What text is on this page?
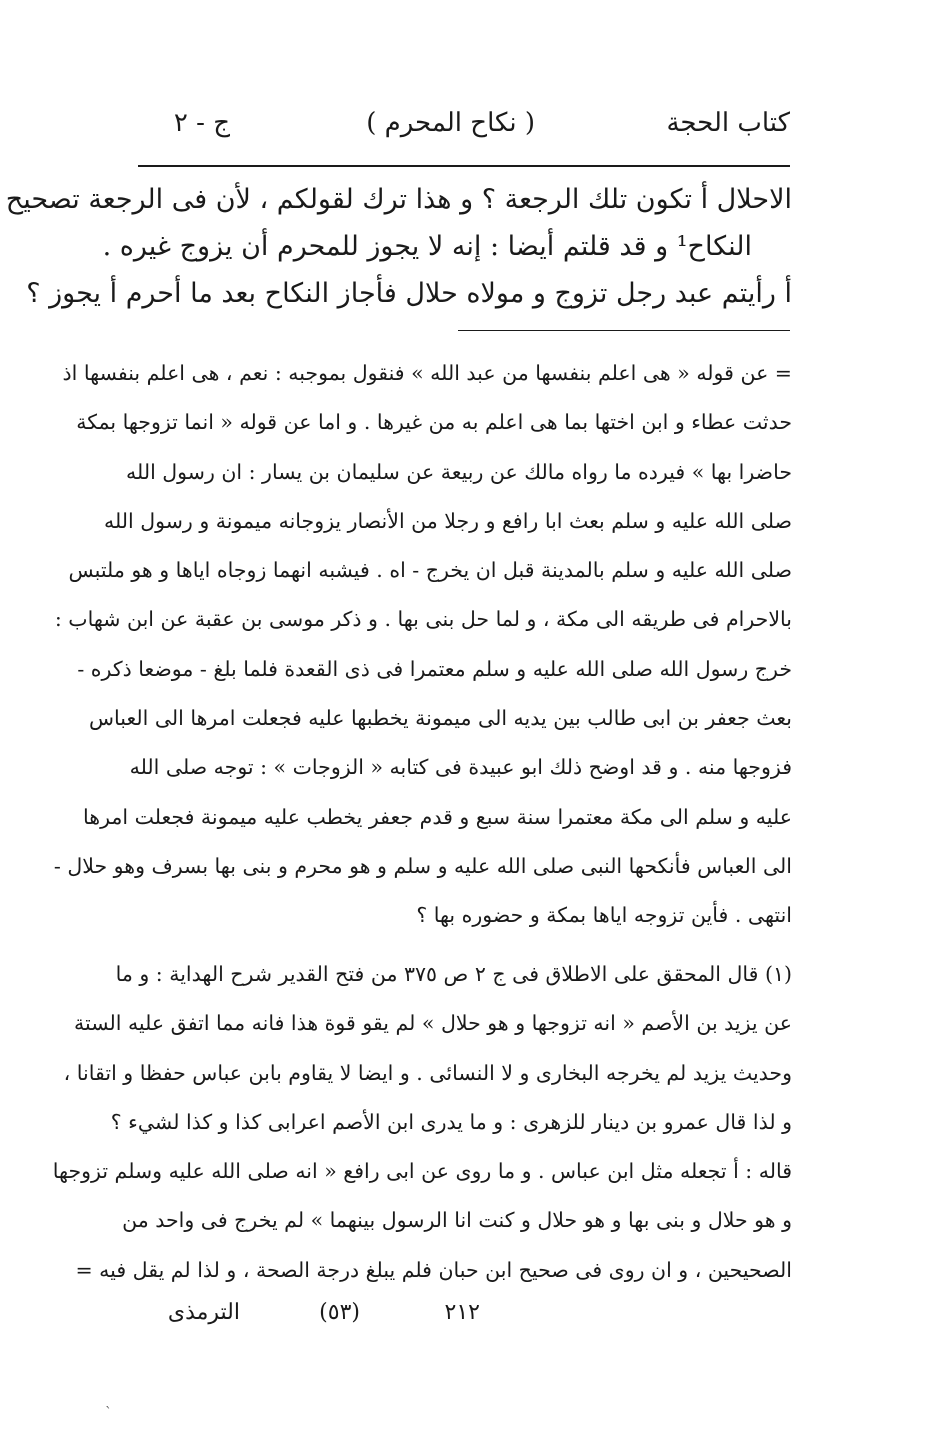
كتاب الحجة
( نكاح المحرم )
ج - ٢

الاحلال أ تكون تلك الرجعة ؟ و هذا ترك لقولكم ، لأن فى الرجعة تصحيح

النكاح¹ و قد قلتم أيضا : إنه لا يجوز للمحرم أن يزوج غيره .

أ رأيتم عبد رجل تزوج و مولاه حلال فأجاز النكاح بعد ما أحرم أ يجوز ؟

= عن قوله « هى اعلم بنفسها من عبد الله » فنقول بموجبه : نعم ، هى اعلم بنفسها اذ

حدثت عطاء و ابن اختها بما هى اعلم به من غيرها . و اما عن قوله « انما تزوجها بمكة

حاضرا بها » فيرده ما رواه مالك عن ربيعة عن سليمان بن يسار : ان رسول الله

صلى الله عليه و سلم بعث ابا رافع و رجلا من الأنصار يزوجانه ميمونة و رسول الله

صلى الله عليه و سلم بالمدينة قبل ان يخرج - اه . فيشبه انهما زوجاه اياها و هو ملتبس

بالاحرام فى طريقه الى مكة ، و لما حل بنى بها . و ذكر موسى بن عقبة عن ابن شهاب :

خرج رسول الله صلى الله عليه و سلم معتمرا فى ذى القعدة فلما بلغ - موضعا ذكره -

بعث جعفر بن ابى طالب بين يديه الى ميمونة يخطبها عليه فجعلت امرها الى العباس

فزوجها منه . و قد اوضح ذلك ابو عبيدة فى كتابه « الزوجات » : توجه صلى الله

عليه و سلم الى مكة معتمرا سنة سبع و قدم جعفر يخطب عليه ميمونة فجعلت امرها

الى العباس فأنكحها النبى صلى الله عليه و سلم و هو محرم و بنى بها بسرف وهو حلال -

انتهى . فأين تزوجه اياها بمكة و حضوره بها ؟

(١) قال المحقق على الاطلاق فى ج ٢ ص ٣٧٥ من فتح القدير شرح الهداية : و ما

عن يزيد بن الأصم « انه تزوجها و هو حلال » لم يقو قوة هذا فانه مما اتفق عليه الستة

وحديث يزيد لم يخرجه البخارى و لا النسائى . و ايضا لا يقاوم بابن عباس حفظا و اتقانا ،

و لذا قال عمرو بن دينار للزهرى : و ما يدرى ابن الأصم اعرابى كذا و كذا لشيء ؟

قاله : أ تجعله مثل ابن عباس . و ما روى عن ابى رافع « انه صلى الله عليه وسلم تزوجها

و هو حلال و بنى بها و هو حلال و كنت انا الرسول بينهما » لم يخرج فى واحد من

الصحيحين ، و ان روى فى صحيح ابن حبان فلم يبلغ درجة الصحة ، و لذا لم يقل فيه =

٢١٢
(٥٣)
الترمذى
`
